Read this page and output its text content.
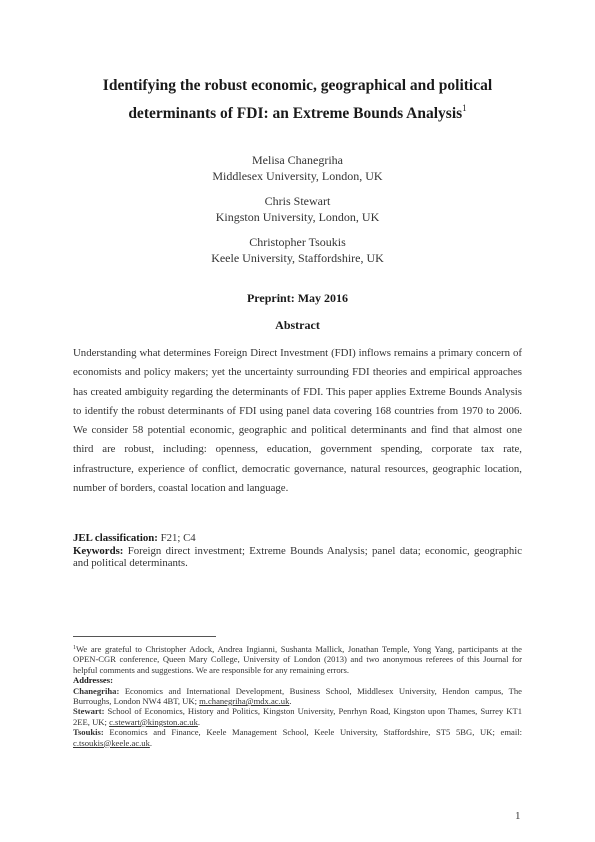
Identifying the robust economic, geographical and political
determinants of FDI: an Extreme Bounds Analysis$^1$
Melisa Chanegriha
Middlesex University, London, UK
Chris Stewart
Kingston University, London, UK
Christopher Tsoukis
Keele University, Staffordshire, UK
Preprint: May 2016
Abstract
Understanding what determines Foreign Direct Investment (FDI) inflows remains a primary concern of economists and policy makers; yet the uncertainty surrounding FDI theories and empirical approaches has created ambiguity regarding the determinants of FDI. This paper applies Extreme Bounds Analysis to identify the robust determinants of FDI using panel data covering 168 countries from 1970 to 2006. We consider 58 potential economic, geographic and political determinants and find that almost one third are robust, including: openness, education, government spending, corporate tax rate, infrastructure, experience of conflict, democratic governance, natural resources, geographic location, number of borders, coastal location and language.
JEL classification: F21; C4
Keywords: Foreign direct investment; Extreme Bounds Analysis; panel data; economic, geographic and political determinants.
$^1$We are grateful to Christopher Adock, Andrea Ingianni, Sushanta Mallick, Jonathan Temple, Yong Yang, participants at the OPEN-CGR conference, Queen Mary College, University of London (2013) and two anonymous referees of this Journal for helpful comments and suggestions. We are responsible for any remaining errors.
Addresses:
Chanegriha: Economics and International Development, Business School, Middlesex University, Hendon campus, The Burroughs, London NW4 4BT, UK; m.chanegriha@mdx.ac.uk.
Stewart: School of Economics, History and Politics, Kingston University, Penrhyn Road, Kingston upon Thames, Surrey KT1 2EE, UK; c.stewart@kingston.ac.uk.
Tsoukis: Economics and Finance, Keele Management School, Keele University, Staffordshire, ST5 5BG, UK; email: c.tsoukis@keele.ac.uk.
1
